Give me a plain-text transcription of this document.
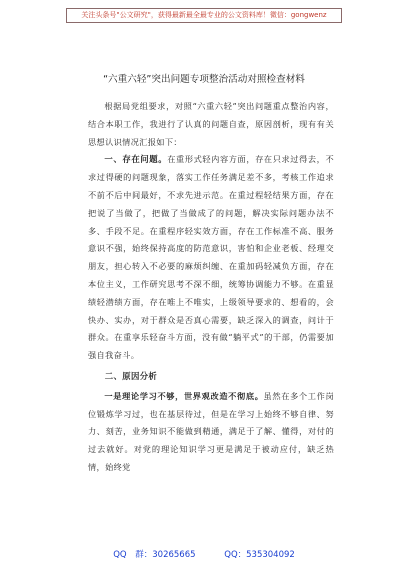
关注头条号"公文研究"，获得最新最全最专业的公文资料库！微信：gongwenz
“六重六轻”突出问题专项整治活动对照检查材料

根据局党组要求，对照“六重六轻”突出问题重点整治内容，结合本职工作，我进行了认真的问题自查，原因剖析，现有有关思想认识情况汇报如下：

一、存在问题。在重形式轻内容方面，存在只求过得去，不求过得硬的问题现象，落实工作任务满足差不多，考核工作追求不前不后中间最好，不求先进示范。在重过程轻结果方面，存在把说了当做了，把做了当做成了的问题，解决实际问题办法不多、手段不足。在重程序轻实效方面，存在工作标准不高、服务意识不强，始终保持高度的防范意识，害怕和企业老板、经理交朋友，担心转入不必要的麻烦纠缠、在重加码轻减负方面，存在本位主义，工作研究思考不深不细，统筹协调能力不够。在重显绩轻潜绩方面，存在唯上不唯实，上级领导要求的、想看的，会快办、实办，对于群众是否真心需要，缺乏深入的调查，问计于群众。在重享乐轻奋斗方面，没有做“躺平式”的干部，仍需要加强自我奋斗。

二、原因分析

一是理论学习不够，世界观改造不彻底。虽然在多个工作岗位锻炼学习过，也在基层待过，但是在学习上始终不够自律、努力、刻苦，业务知识不能做到精通，满足于了解、懂得，对付的过去就好。对党的理论知识学习更是满足于被动应付，缺乏热情，始终党

QQ 群：30265665	QQ：535304092
